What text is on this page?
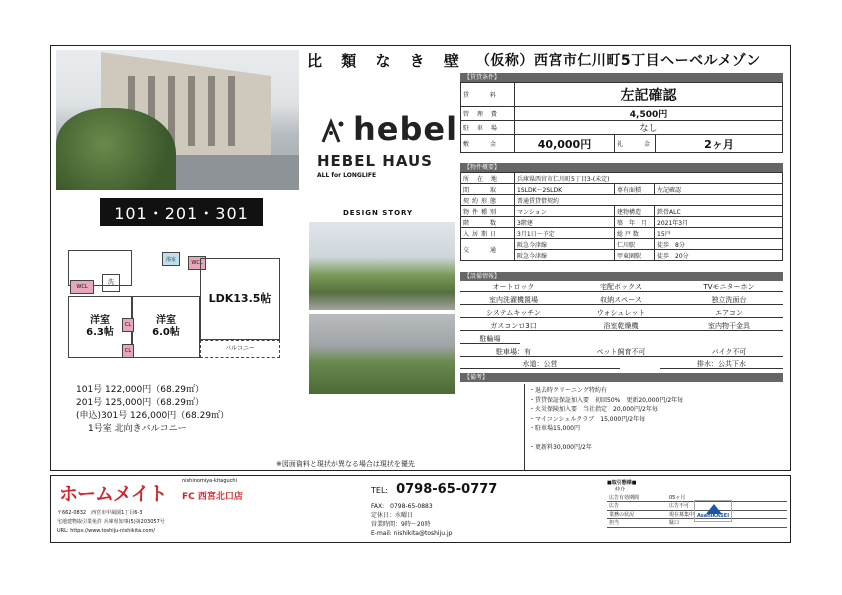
比 類 な き 壁 （仮称）西宮市仁川町5丁目ヘーベルメゾン
hebel
HEBEL HAUS
ALL for LONGLIFE
DESIGN STORY
101・201・301
WCL
洋室
6.3帖
洋室
6.0帖
CL
CL
洗
浴室
WCL
LDK13.5帖
バルコニー
101号 122,000円（68.29㎡）
201号 125,000円（68.29㎡）
(申込)301号 126,000円（68.29㎡）
1号室 北向きバルコニー
※図面資料と現状が異なる場合は現状を優先
【賃貸条件】
賃　　料	左記確認		
管 理 費	4,500円		
駐 車 場	なし		
敷　　金	40,000円	礼　　金	2ヶ月
【物件概要】
所 在 地	兵庫県西宮市仁川町5丁目3-(未定)		
間　　取	1SLDK～2SLDK	専有面積	左記確認
契約形態	普通賃貸借契約		
物件種別	マンション	建物構造	鉄骨ALC
階　　数	3階建	築　年　月	2021年3月
入居期日	3月1日～予定	総 戸 数	15戸
交　　通	阪急今津線	仁川駅	徒歩　8分
	阪急今津線	甲東園駅	徒歩　20分
【設備情報】
オートロック	宅配ボックス	TVモニターホン
室内洗濯機置場	収納スペース	独立洗面台
システムキッチン	ウォシュレット	エアコン
ガスコンロ3口	浴室乾燥機	室内物干金具
駐輪場
駐車場：有	ペット飼育不可	バイク不可
水道：公営	排水：公共下水
【備考】
・退去時クリーニング特約有
・賃貸保証保証加入要　初回50%　更新20,000円/2年毎
・火災保険加入要　当社指定　20,000円/2年毎
・マイコンシェルクラブ　15,000円/2年毎
・駐車場15,000円
・更新料30,000円/2年
nishinomiya-kitaguchi
ホームメイト FC 西宮北口店
〒662-0832　西宮市甲風園1丁目6-3
宅地建物取引業免許 兵庫県知事(5)第203057号
URL: https://www.toshiju-nishikita.com/
TEL: 0798-65-0777
FAX:　0798-65-0883
定休日：水曜日
営業時間：9時～20時
E-mail: nishikita@toshiju.jp
■取引態様■
仲介
広告有効期間	05ヶ月
広告	広告不可
業務の状況	現在募集中
担当	駄口
AsahiKASEI
